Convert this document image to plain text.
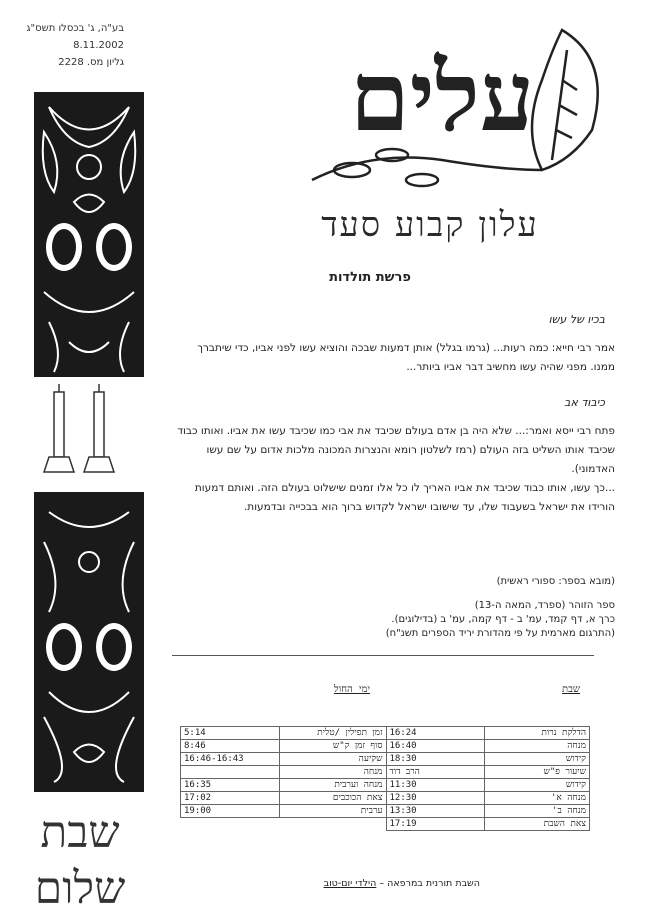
בע"ה, ג' בכסלו תשס"ג
8.11.2002
גליון מס. 2228
שבת
שלום
עלים
עלון קבוע סעד
פרשת תולדות
בכיו של עשו

אמר רבי חייא: כמה רעות... (גרמו בגלל) אותן דמעות שבכה והוציא עשו לפני אביו, כדי שיתברך ממנו. מפני שהיה עשו מחשיב דבר אביו ביותר...

כיבוד אב

פתח רבי ייסא ואמר:... שלא היה בן אדם בעולם שכיבד את אבי כמו שכיבד עשו את אביו. ואותו כבוד שכיבד אותו השליט בזה העולם (רמז לשלטון רומא והנצרות המכונה מלכות אדום על שם עשו האדמוני).

...כך עשו, אותו כבוד שכיבד את אביו האריך לו כל אלו זמנים שישלוט בעולם הזה. ואותם דמעות הורידו את ישראל בשעבוד שלו, עד שישובו ישראל לקדוש ברוך הוא בבכייה ובדמעות.

(מובא בספר: ספורי ראשית)
ספר הזוהר (ספרד, המאה ה-13)
כרך א, דף קמד, עמ' ב - דף קמה, עמ' ב (בדילוגים).
(התרגום מארמית על פי מהדורת יריד הספרים תשנ"ח)
שבת
ימי החול
הדלקת נרות	16:24	זמן תפילין /טלית	5:14
מנחה	16:40	סוף זמן ק"ש	8:46
קידוש	18:30	שקיעה	16:46-16:43
שיעור פ"ש	הרב דוד	מנחה	
קידוש	11:30	מנחה וערבית	16:35
מנחה א'	12:30	צאת הכוכבים	17:02
מנחה ב'	13:30	ערבית	19:00
צאת השבת	17:19		
השבת תורנית במרפאה – הילדי יום-טוב
